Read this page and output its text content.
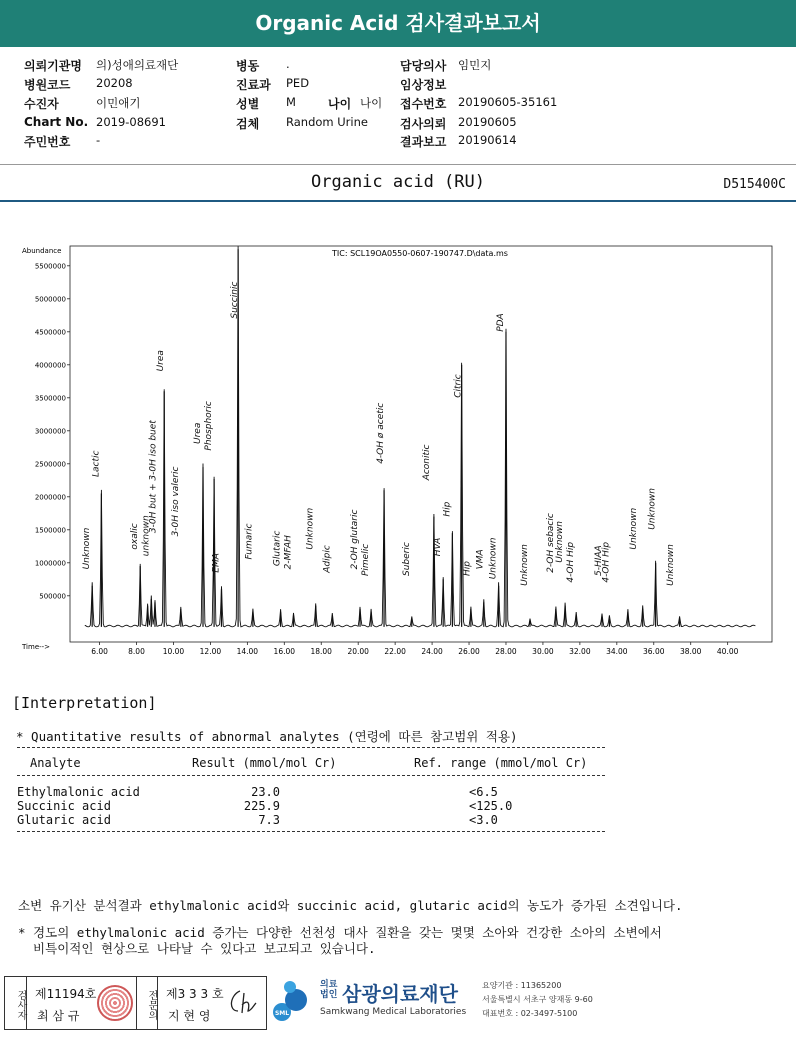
Organic Acid 검사결과보고서
의뢰기관명 의)성애의료재단
병원코드 20208
수진자	이민애기
Chart No. 2019-08691
주민번호 -
병동 .
진료과 PED
성별 M	나이 나이
검체 Random Urine
담당의사 임민지
임상정보
접수번호 20190605-35161
검사의뢰 20190605
결과보고 20190614
Organic acid (RU)	D515400C
TIC: SCL19OA0550-0607-190747.D\data.ms
Abundance
Time-->
5500000
5000000
4500000
4000000
3500000
3000000
2500000
2000000
1500000
1000000
500000
6.00	8.00 10.00 12.00 14.00 16.00 18.00 20.00 22.00 24.00 26.00 28.00 30.00 32.00 34.00 36.00 38.00 40.00
Unknown
Lactic
oxalic unknown
3-0H but + 3-0H iso buet
Urea
3-0H iso valeric
Urea Phosphoric
EMA
Succinic
Fumaric Glutaric 2-MFAH
Unknown
Adipic 2-OH glutaric Pimelic
4-OH ø acetic
Suberic
Aconitic
HVA
Hip
Citric
Hip VMA Unknown
PDA
Unknown 2-OH sebacic Unknown 4-OH Hip 5-HIAA
4-OH Hip
Unknown Unknown
Unknown
[Interpretation]
* Quantitative results of abnormal analytes (연령에 따른 참고범위 적용)
Analyte	Result (mmol/mol Cr)	Ref. range (mmol/mol Cr)
Ethylmalonic acid	23.0	<6.5
Succinic acid	225.9	<125.0
Glutaric acid	7.3	<3.0
소변 유기산 분석결과 ethylmalonic acid와 succinic acid, glutaric acid의 농도가 증가된 소견입니다.
* 경도의 ethylmalonic acid 증가는 다양한 선천성 대사 질환을 갖는 몇몇 소아와 건강한 소아의 소변에서
비특이적인 현상으로 나타날 수 있다고 보고되고 있습니다.
검사자 제11194호
최 삼 규	전문의 제3 3 3 호
지 현 영	SML
의료법인 삼광의료재단
Samkwang Medical Laboratories
요양기관 : 11365200
서울특별시 서초구 양재동 9-60
대표번호 : 02-3497-5100
